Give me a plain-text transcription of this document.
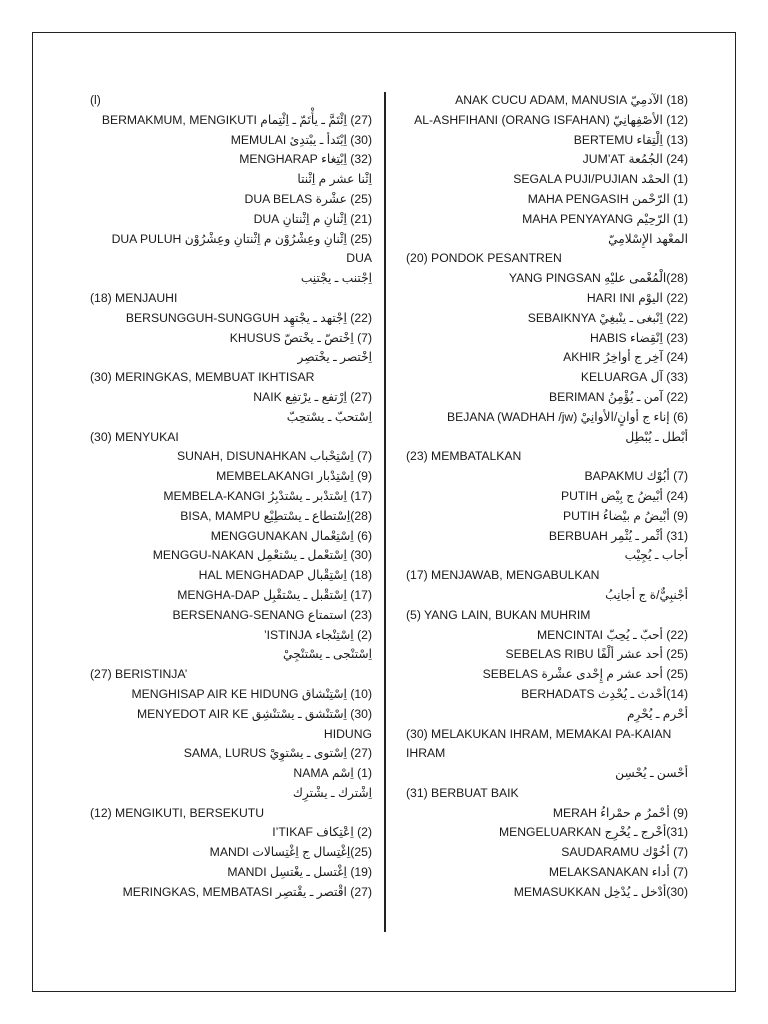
(l)
(27) اِئْتَمَّ ـ يأْتَمّ ـ اِئْتِمام BERMAKMUM, MENGIKUTI
(30) اِبْتَدأ ـ يبْتدِئ MEMULAI
(32) اِبْتِغاء MENGHARAP
اِثْنا عشر م اِثْنتا
(25) عشْرة DUA BELAS
(21) اِثْنانِ م اِثْنتانِ DUA
(25) اِثْنانِ وعِشْرُوْن م اِثْنتانِ وعِشْرُوْن DUA PULUH DUA
اِجْتنب ـ يجْتنِب
(18) MENJAUHI
(22) اِجْتهد ـ يجْتهِد BERSUNGGUH-SUNGGUH
(7) اِخْتصّ ـ يخْتصّ KHUSUS
اِخْتصر ـ يخْتصِر
(30) MERINGKAS, MEMBUAT IKHTISAR
(27) اِرْتفع ـ يرْتفِع NAIK
اِسْتحبّ ـ يسْتحِبّ
(30) MENYUKAI
(7) اِسْتِحْباب SUNAH, DISUNAHKAN
(9) اِسْتِدْبار MEMBELAKANGI
(17) اِسْتدْبر ـ يسْتدْبِرُ MEMBELA-KANGI
(28)اِسْتطاع ـ يسْتطِيْع BISA, MAMPU
(6) اِسْتِعْمال MENGGUNAKAN
(30) اِسْتعْمل ـ يسْتعْمِل MENGGU-NAKAN
(18) اِسْتِقْبال HAL MENGHADAP
(17) اِسْتقْبل ـ يسْتقْبِل MENGHA-DAP
(23) استمتاع BERSENANG-SENANG
(2) اِسْتِنْجاء ISTINJA’
اِسْتنْجى ـ يسْتنْجِيْ
(27) BERISTINJA’
(10) اِسْتِنْشاق MENGHISAP AIR KE HIDUNG
(30) اِسْتنْشق ـ يسْتنْشِق MENYEDOT AIR KE HIDUNG
(27) اِسْتوى ـ يسْتوِيْ SAMA, LURUS
(1) اِسْم NAMA
اِشْترك ـ يشْترِك
(12) MENGIKUTI, BERSEKUTU
(2) اِعْتِكاف I’TIKAF
(25)اِغْتِسال ج اِغْتِسالات MANDI
(19) اِغْتسل ـ يغْتسِل MANDI
(27) اقْتصر ـ يقْتصِر MERINGKAS, MEMBATASI
(18) الآدمِيّ ANAK CUCU ADAM, MANUSIA
(12) الأصْفِهانِيّ AL-ASHFIHANI (ORANG ISFAHAN)
(13) اِلْتِقاء BERTEMU
(24) الجُمُعة JUM’AT
(1) الحمْد SEGALA PUJI/PUJIAN
(1) الرّحْمن MAHA PENGASIH
(1) الرّحِيْم MAHA PENYAYANG
المعْهد الإِسْلامِيّ
(20) PONDOK PESANTREN
(28)الْمُغْمى عليْهِ YANG PINGSAN
(22) اليوْم HARI INI
(22) اِنْبغى ـ ينْبغِيْ SEBAIKNYA
(23) اِنْقِضاء HABIS
(24) آخِر ج أواخِرُ AKHIR
(33) آل KELUARGA
(22) آمن ـ يُؤْمِنُ BERIMAN
(6) إناء ج أوانٍ/الأوانِيْ BEJANA (WADHAH /jw)
أبْطل ـ يُبْطِل
(23) MEMBATALKAN
(7) أبُوْك BAPAKMU
(24) أبْيضُ ج بِيْض PUTIH
(9) أبْيضُ م بيْضاءُ PUTIH
(31) أثْمر ـ يُثْمِر BERBUAH
أجاب ـ يُجِيْب
(17) MENJAWAB, MENGABULKAN
أجْنبِيٌّ/ة ج أجانِبُ
(5) YANG LAIN, BUKAN MUHRIM
(22) أحبّ ـ يُحِبّ MENCINTAI
(25) أحد عشر ألْفًا SEBELAS RIBU
(25) أحد عشر م إِحْدى عشْرة SEBELAS
(14)أحْدث ـ يُحْدِث BERHADATS
أحْرم ـ يُحْرِم
(30) MELAKUKAN IHRAM, MEMAKAI PA-KAIAN IHRAM
أحْسن ـ يُحْسِن
(31) BERBUAT BAIK
(9) أحْمرُ م حمْراءُ MERAH
(31)أخْرج ـ يُخْرِج MENGELUARKAN
(7) أخُوْك SAUDARAMU
(7) أداء MELAKSANAKAN
(30)أدْخل ـ يُدْخِل MEMASUKKAN
